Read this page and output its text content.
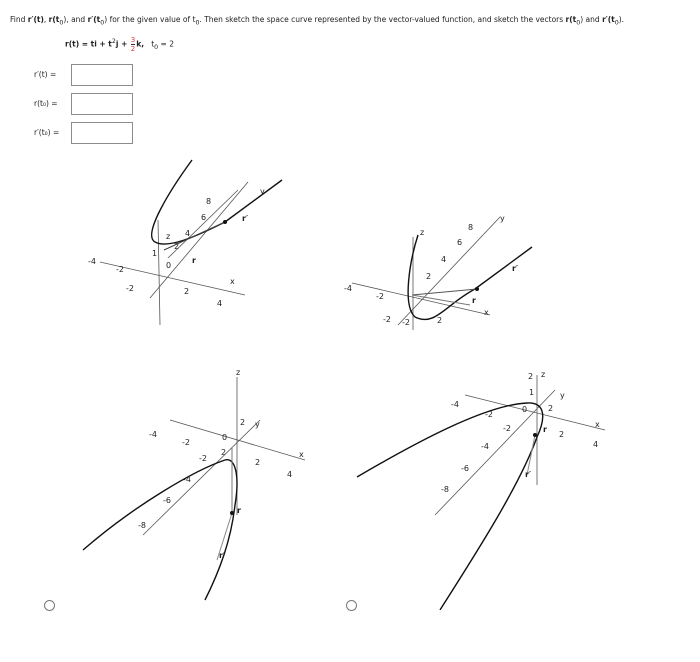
Find r′(t), $r(t_0)$, and $r'(t_0)$ for the given value of $t_0$. Then sketch the space curve represented by the vector-valued function, and sketch the vectors $r(t_0)$ and $r'(t_0)$.
r(t) = ti + $t^2j + \frac{3}{2} k$, $t_0 = 2$
r′(t) =
r(t₀) =
r′(t₀) =
z
y
x
r
r′
2
4
6
8
-4
-2
2
4
1
0
-2
z
y
x
r
r′
2
4
6
8
-4
-2
2
-2 -2
z
y
x
r
r′
2
-4
-2
2
4
0
-2
-4
-6
-8
2
z
y
x
r
r′
2
1
0
-4
-2
2
4
-2
-4
-6
-8
2
